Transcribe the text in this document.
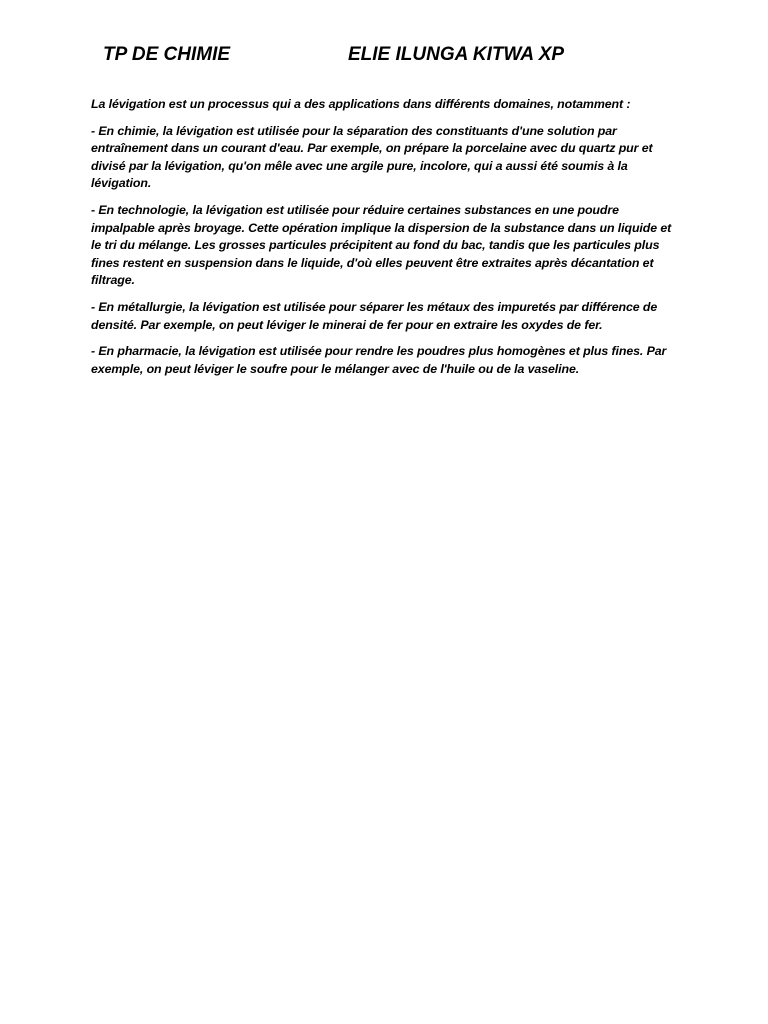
TP DE CHIMIE	ELIE ILUNGA KITWA XP

La lévigation est un processus qui a des applications dans différents domaines, notamment :

- En chimie, la lévigation est utilisée pour la séparation des constituants d'une solution par entraînement dans un courant d'eau. Par exemple, on prépare la porcelaine avec du quartz pur et divisé par la lévigation, qu'on mêle avec une argile pure, incolore, qui a aussi été soumis à la lévigation.

- En technologie, la lévigation est utilisée pour réduire certaines substances en une poudre impalpable après broyage. Cette opération implique la dispersion de la substance dans un liquide et le tri du mélange. Les grosses particules précipitent au fond du bac, tandis que les particules plus fines restent en suspension dans le liquide, d'où elles peuvent être extraites après décantation et filtrage.

- En métallurgie, la lévigation est utilisée pour séparer les métaux des impuretés par différence de densité. Par exemple, on peut léviger le minerai de fer pour en extraire les oxydes de fer.

- En pharmacie, la lévigation est utilisée pour rendre les poudres plus homogènes et plus fines. Par exemple, on peut léviger le soufre pour le mélanger avec de l'huile ou de la vaseline.
